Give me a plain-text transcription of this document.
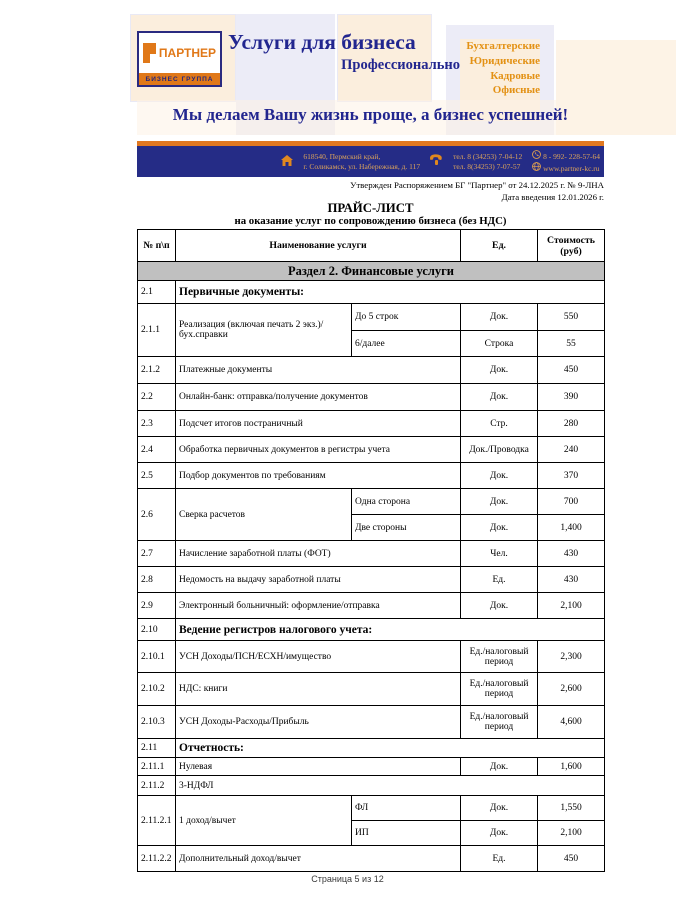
ПАРТНЕР
БИЗНЕС ГРУППА
Услуги для бизнеса
Профессионально
Бухгалтерские
Юридические
Кадровые
Офисные
Мы делаем Вашу жизнь проще, а бизнес успешней!
618540, Пермский край,
г. Соликамск, ул. Набережная, д. 117
тел. 8 (34253) 7-04-12
тел. 8(34253) 7-07-57
8 - 992- 228-57-64
www.partner-kc.ru
Утвержден Распоряжением БГ "Партнер" от 24.12.2025 г. № 9-ЛНА
Дата введения 12.01.2026 г.
ПРАЙС-ЛИСТ
на оказание услуг по сопровождению бизнеса (без НДС)
№ п\п	Наименование услуги		Ед.	Стоимость (руб)
Раздел 2. Финансовые услуги				
2.1	Первичные документы:			
2.1.1	Реализация (включая печать 2 экз.)/бух.справки	До 5 строк	Док.	550
		6/далее	Строка	55
2.1.2	Платежные документы		Док.	450
2.2	Онлайн-банк: отправка/получение документов		Док.	390
2.3	Подсчет итогов постраничный		Стр.	280
2.4	Обработка первичных документов в регистры учета		Док./Проводка	240
2.5	Подбор документов по требованиям		Док.	370
2.6	Сверка расчетов	Одна сторона	Док.	700
		Две стороны	Док.	1,400
2.7	Начисление заработной платы (ФОТ)		Чел.	430
2.8	Недомость на выдачу заработной платы		Ед.	430
2.9	Электронный больничный: оформление/отправка		Док.	2,100
2.10	Ведение регистров налогового учета:			
2.10.1	УСН Доходы/ПСН/ЕСХН/имущество		Ед./налоговый период	2,300
2.10.2	НДС: книги		Ед./налоговый период	2,600
2.10.3	УСН Доходы-Расходы/Прибыль		Ед./налоговый период	4,600
2.11	Отчетность:			
2.11.1	Нулевая		Док.	1,600
2.11.2	3-НДФЛ			
2.11.2.1	1 доход/вычет	ФЛ	Док.	1,550
		ИП	Док.	2,100
2.11.2.2	Дополнительный доход/вычет		Ед.	450
Страница 5 из 12
